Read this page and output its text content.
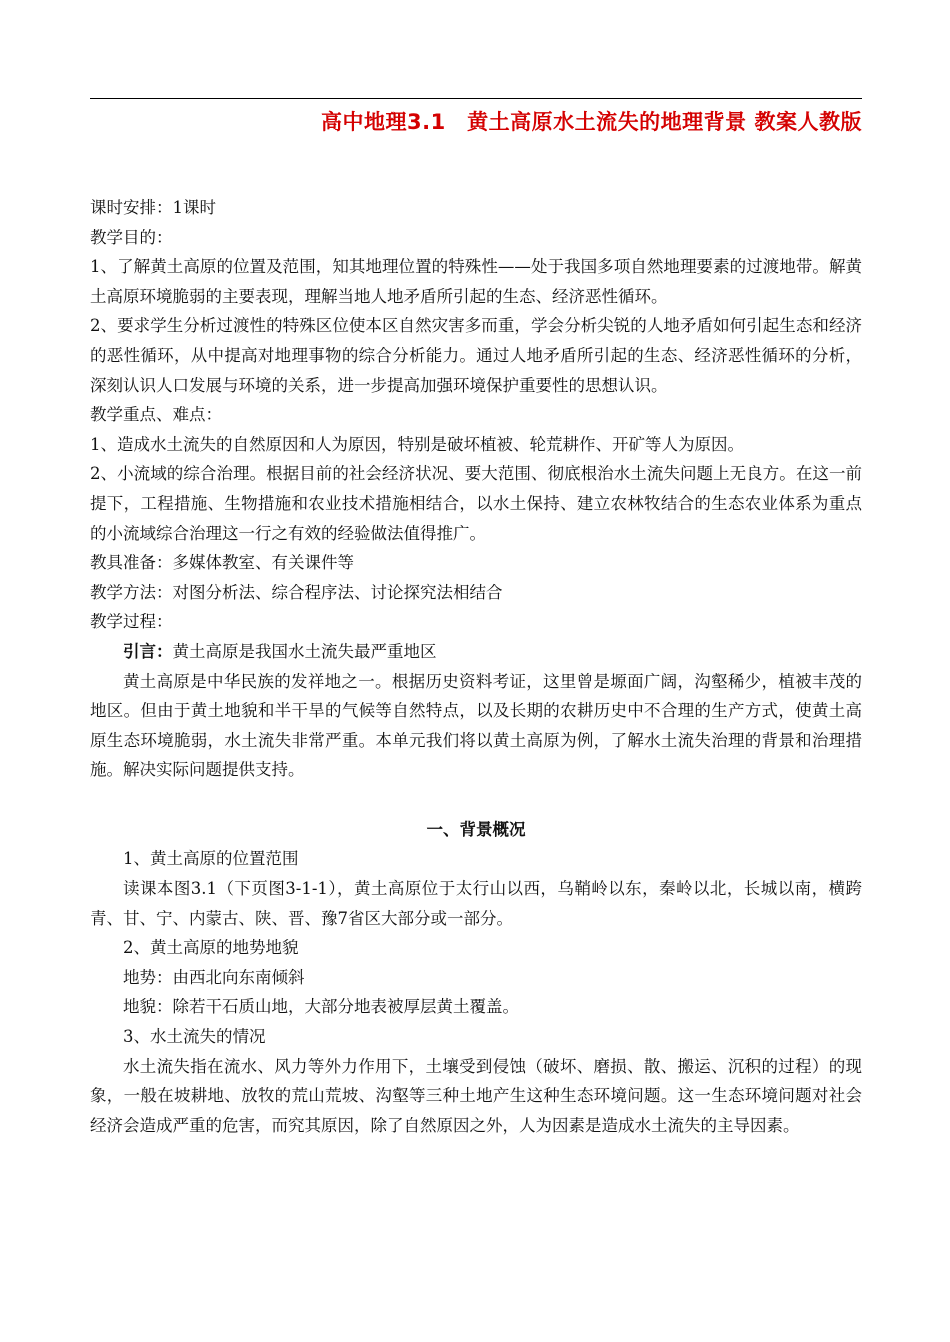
高中地理3.1　黄土高原水土流失的地理背景 教案人教版

课时安排：1课时

教学目的：

1、了解黄土高原的位置及范围，知其地理位置的特殊性——处于我国多项自然地理要素的过渡地带。解黄土高原环境脆弱的主要表现，理解当地人地矛盾所引起的生态、经济恶性循环。

2、要求学生分析过渡性的特殊区位使本区自然灾害多而重，学会分析尖锐的人地矛盾如何引起生态和经济的恶性循环，从中提高对地理事物的综合分析能力。通过人地矛盾所引起的生态、经济恶性循环的分析，深刻认识人口发展与环境的关系，进一步提高加强环境保护重要性的思想认识。

教学重点、难点：

1、造成水土流失的自然原因和人为原因，特别是破坏植被、轮荒耕作、开矿等人为原因。

2、小流域的综合治理。根据目前的社会经济状况、要大范围、彻底根治水土流失问题上无良方。在这一前提下，工程措施、生物措施和农业技术措施相结合，以水土保持、建立农林牧结合的生态农业体系为重点的小流域综合治理这一行之有效的经验做法值得推广。

教具准备：多媒体教室、有关课件等

教学方法：对图分析法、综合程序法、讨论探究法相结合

教学过程：

引言：黄土高原是我国水土流失最严重地区

黄土高原是中华民族的发祥地之一。根据历史资料考证，这里曾是塬面广阔，沟壑稀少，植被丰茂的地区。但由于黄土地貌和半干旱的气候等自然特点，以及长期的农耕历史中不合理的生产方式，使黄土高原生态环境脆弱，水土流失非常严重。本单元我们将以黄土高原为例，了解水土流失治理的背景和治理措施。解决实际问题提供支持。

一、背景概况

1、黄土高原的位置范围

读课本图3.1（下页图3-1-1），黄土高原位于太行山以西，乌鞘岭以东，秦岭以北，长城以南，横跨青、甘、宁、内蒙古、陕、晋、豫7省区大部分或一部分。

2、黄土高原的地势地貌

地势：由西北向东南倾斜

地貌：除若干石质山地，大部分地表被厚层黄土覆盖。

3、水土流失的情况

水土流失指在流水、风力等外力作用下，土壤受到侵蚀（破坏、磨损、散、搬运、沉积的过程）的现象，一般在坡耕地、放牧的荒山荒坡、沟壑等三种土地产生这种生态环境问题。这一生态环境问题对社会经济会造成严重的危害，而究其原因，除了自然原因之外，人为因素是造成水土流失的主导因素。
